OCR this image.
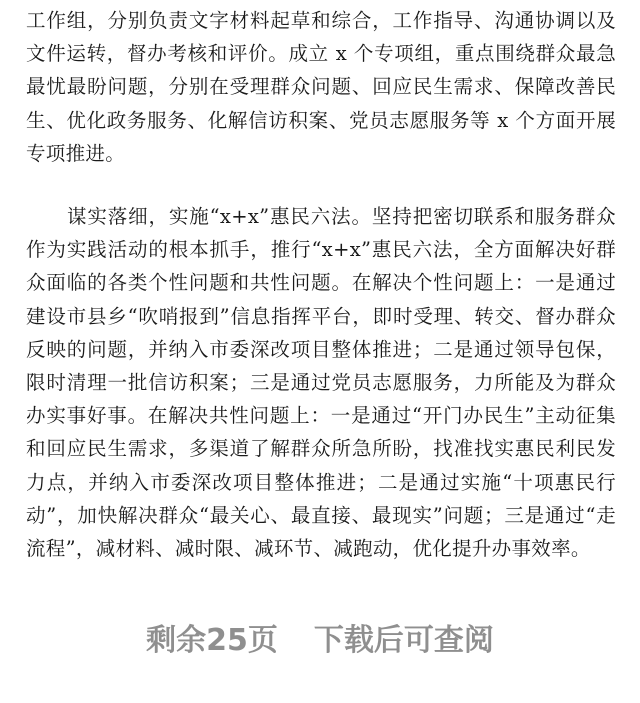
工作组，分别负责文字材料起草和综合，工作指导、沟通协调以及文件运转，督办考核和评价。成立 x 个专项组，重点围绕群众最急最忧最盼问题，分别在受理群众问题、回应民生需求、保障改善民生、优化政务服务、化解信访积案、党员志愿服务等 x 个方面开展专项推进。

谋实落细，实施“x+x”惠民六法。坚持把密切联系和服务群众作为实践活动的根本抓手，推行“x+x”惠民六法，全方面解决好群众面临的各类个性问题和共性问题。在解决个性问题上：一是通过建设市县乡“吹哨报到”信息指挥平台，即时受理、转交、督办群众反映的问题，并纳入市委深改项目整体推进；二是通过领导包保，限时清理一批信访积案；三是通过党员志愿服务，力所能及为群众办实事好事。在解决共性问题上：一是通过“开门办民生”主动征集和回应民生需求，多渠道了解群众所急所盼，找准找实惠民利民发力点，并纳入市委深改项目整体推进；二是通过实施“十项惠民行动”，加快解决群众“最关心、最直接、最现实”问题；三是通过“走流程”，减材料、减时限、减环节、减跑动，优化提升办事效率。

剩余25页 下载后可查阅
